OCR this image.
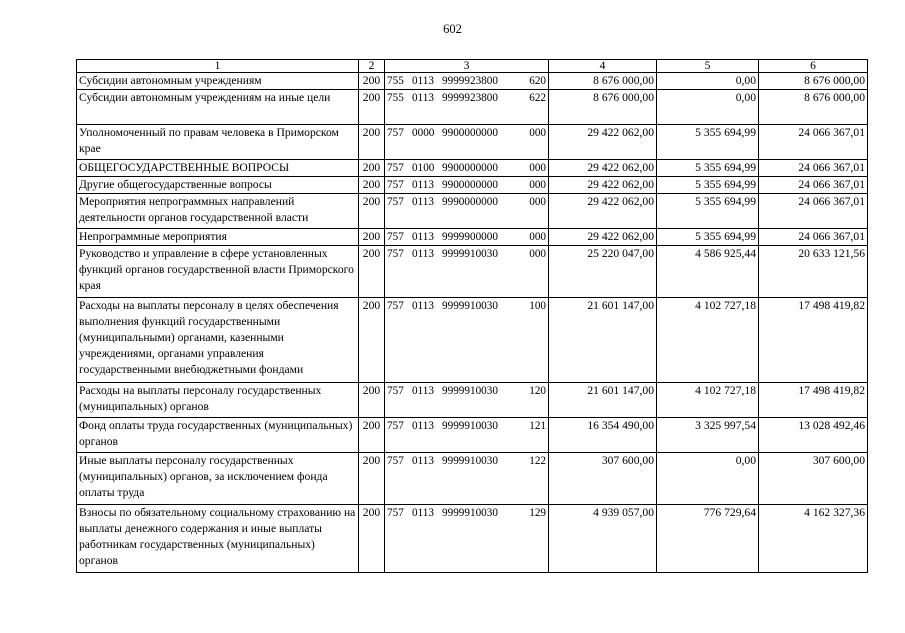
602
1	2	3	4	5	6
Субсидии автономным учреждениям	200	755 0113 9999923800 620	8 676 000,00	0,00	8 676 000,00
Субсидии автономным учреждениям на иные цели	200	755 0113 9999923800 622	8 676 000,00	0,00	8 676 000,00
Уполномоченный по правам человека в Приморском крае	200	757 0000 9900000000 000	29 422 062,00	5 355 694,99	24 066 367,01
ОБЩЕГОСУДАРСТВЕННЫЕ ВОПРОСЫ	200	757 0100 9900000000 000	29 422 062,00	5 355 694,99	24 066 367,01
Другие общегосударственные вопросы	200	757 0113 9900000000 000	29 422 062,00	5 355 694,99	24 066 367,01
Мероприятия непрограммных направлений деятельности органов государственной власти	200	757 0113 9990000000 000	29 422 062,00	5 355 694,99	24 066 367,01
Непрограммные мероприятия	200	757 0113 9999900000 000	29 422 062,00	5 355 694,99	24 066 367,01
Руководство и управление в сфере установленных функций органов государственной власти Приморского края	200	757 0113 9999910030 000	25 220 047,00	4 586 925,44	20 633 121,56
Расходы на выплаты персоналу в целях обеспечения выполнения функций государственными (муниципальными) органами, казенными учреждениями, органами управления государственными внебюджетными фондами	200	757 0113 9999910030 100	21 601 147,00	4 102 727,18	17 498 419,82
Расходы на выплаты персоналу государственных (муниципальных) органов	200	757 0113 9999910030 120	21 601 147,00	4 102 727,18	17 498 419,82
Фонд оплаты труда государственных (муниципальных) органов	200	757 0113 9999910030 121	16 354 490,00	3 325 997,54	13 028 492,46
Иные выплаты персоналу государственных (муниципальных) органов, за исключением фонда оплаты труда	200	757 0113 9999910030 122	307 600,00	0,00	307 600,00
Взносы по обязательному социальному страхованию на выплаты денежного содержания и иные выплаты работникам государственных (муниципальных) органов	200	757 0113 9999910030 129	4 939 057,00	776 729,64	4 162 327,36
